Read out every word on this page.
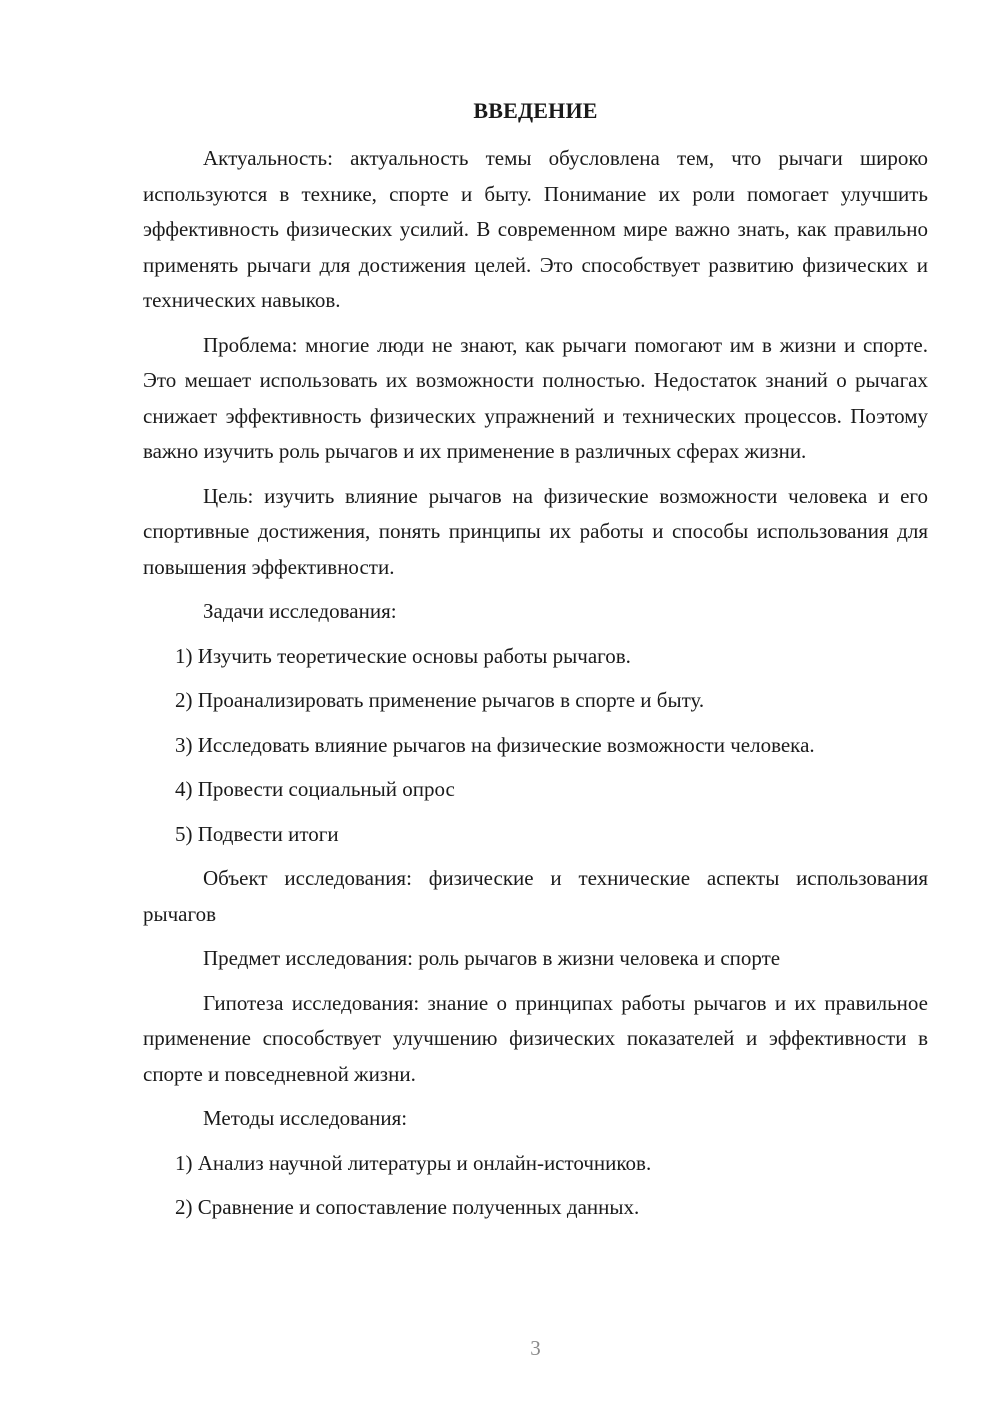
ВВЕДЕНИЕ

Актуальность: актуальность темы обусловлена тем, что рычаги широко используются в технике, спорте и быту. Понимание их роли помогает улучшить эффективность физических усилий. В современном мире важно знать, как правильно применять рычаги для достижения целей. Это способствует развитию физических и технических навыков.

Проблема: многие люди не знают, как рычаги помогают им в жизни и спорте. Это мешает использовать их возможности полностью. Недостаток знаний о рычагах снижает эффективность физических упражнений и технических процессов. Поэтому важно изучить роль рычагов и их применение в различных сферах жизни.

Цель: изучить влияние рычагов на физические возможности человека и его спортивные достижения, понять принципы их работы и способы использования для повышения эффективности.

Задачи исследования:

1) Изучить теоретические основы работы рычагов.

2) Проанализировать применение рычагов в спорте и быту.

3) Исследовать влияние рычагов на физические возможности человека.

4) Провести социальный опрос

5) Подвести итоги

Объект исследования: физические и технические аспекты использования рычагов

Предмет исследования: роль рычагов в жизни человека и спорте

Гипотеза исследования: знание о принципах работы рычагов и их правильное применение способствует улучшению физических показателей и эффективности в спорте и повседневной жизни.

Методы исследования:

1) Анализ научной литературы и онлайн-источников.

2) Сравнение и сопоставление полученных данных.

3
